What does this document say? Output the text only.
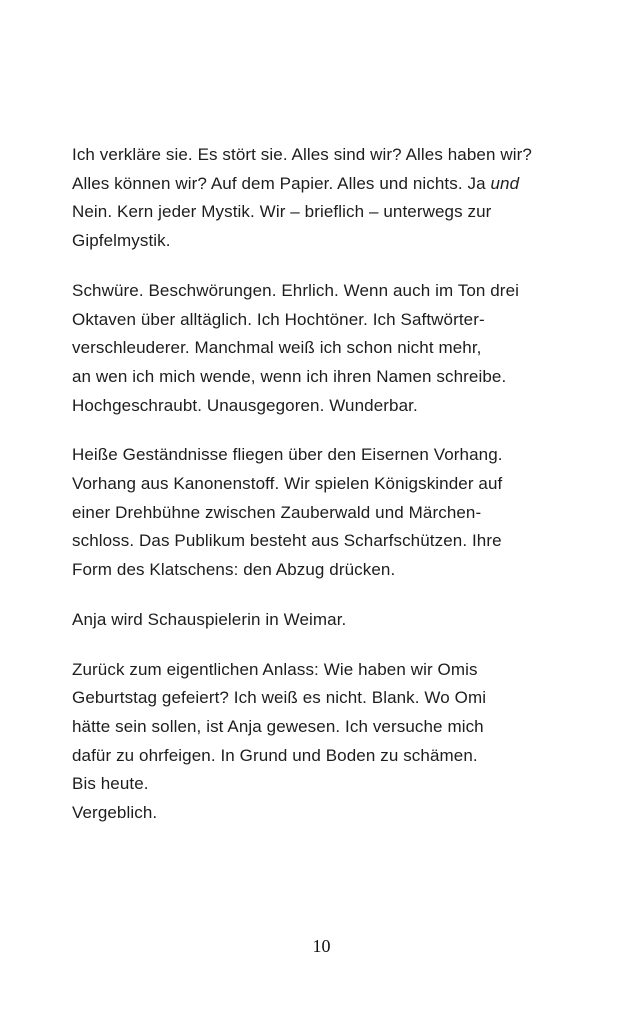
Ich verkläre sie. Es stört sie. Alles sind wir? Alles haben wir?
Alles können wir? Auf dem Papier. Alles und nichts. Ja und
Nein. Kern jeder Mystik. Wir – brieflich – unterwegs zur
Gipfelmystik.

Schwüre. Beschwörungen. Ehrlich. Wenn auch im Ton drei
Oktaven über alltäglich. Ich Hochtöner. Ich Saftwörter-
verschleuderer. Manchmal weiß ich schon nicht mehr,
an wen ich mich wende, wenn ich ihren Namen schreibe.
Hochgeschraubt. Unausgegoren. Wunderbar.

Heiße Geständnisse fliegen über den Eisernen Vorhang.
Vorhang aus Kanonenstoff. Wir spielen Königskinder auf
einer Drehbühne zwischen Zauberwald und Märchen-
schloss. Das Publikum besteht aus Scharfschützen. Ihre
Form des Klatschens: den Abzug drücken.

Anja wird Schauspielerin in Weimar.

Zurück zum eigentlichen Anlass: Wie haben wir Omis
Geburtstag gefeiert? Ich weiß es nicht. Blank. Wo Omi
hätte sein sollen, ist Anja gewesen. Ich versuche mich
dafür zu ohrfeigen. In Grund und Boden zu schämen.
Bis heute.
Vergeblich.

10
